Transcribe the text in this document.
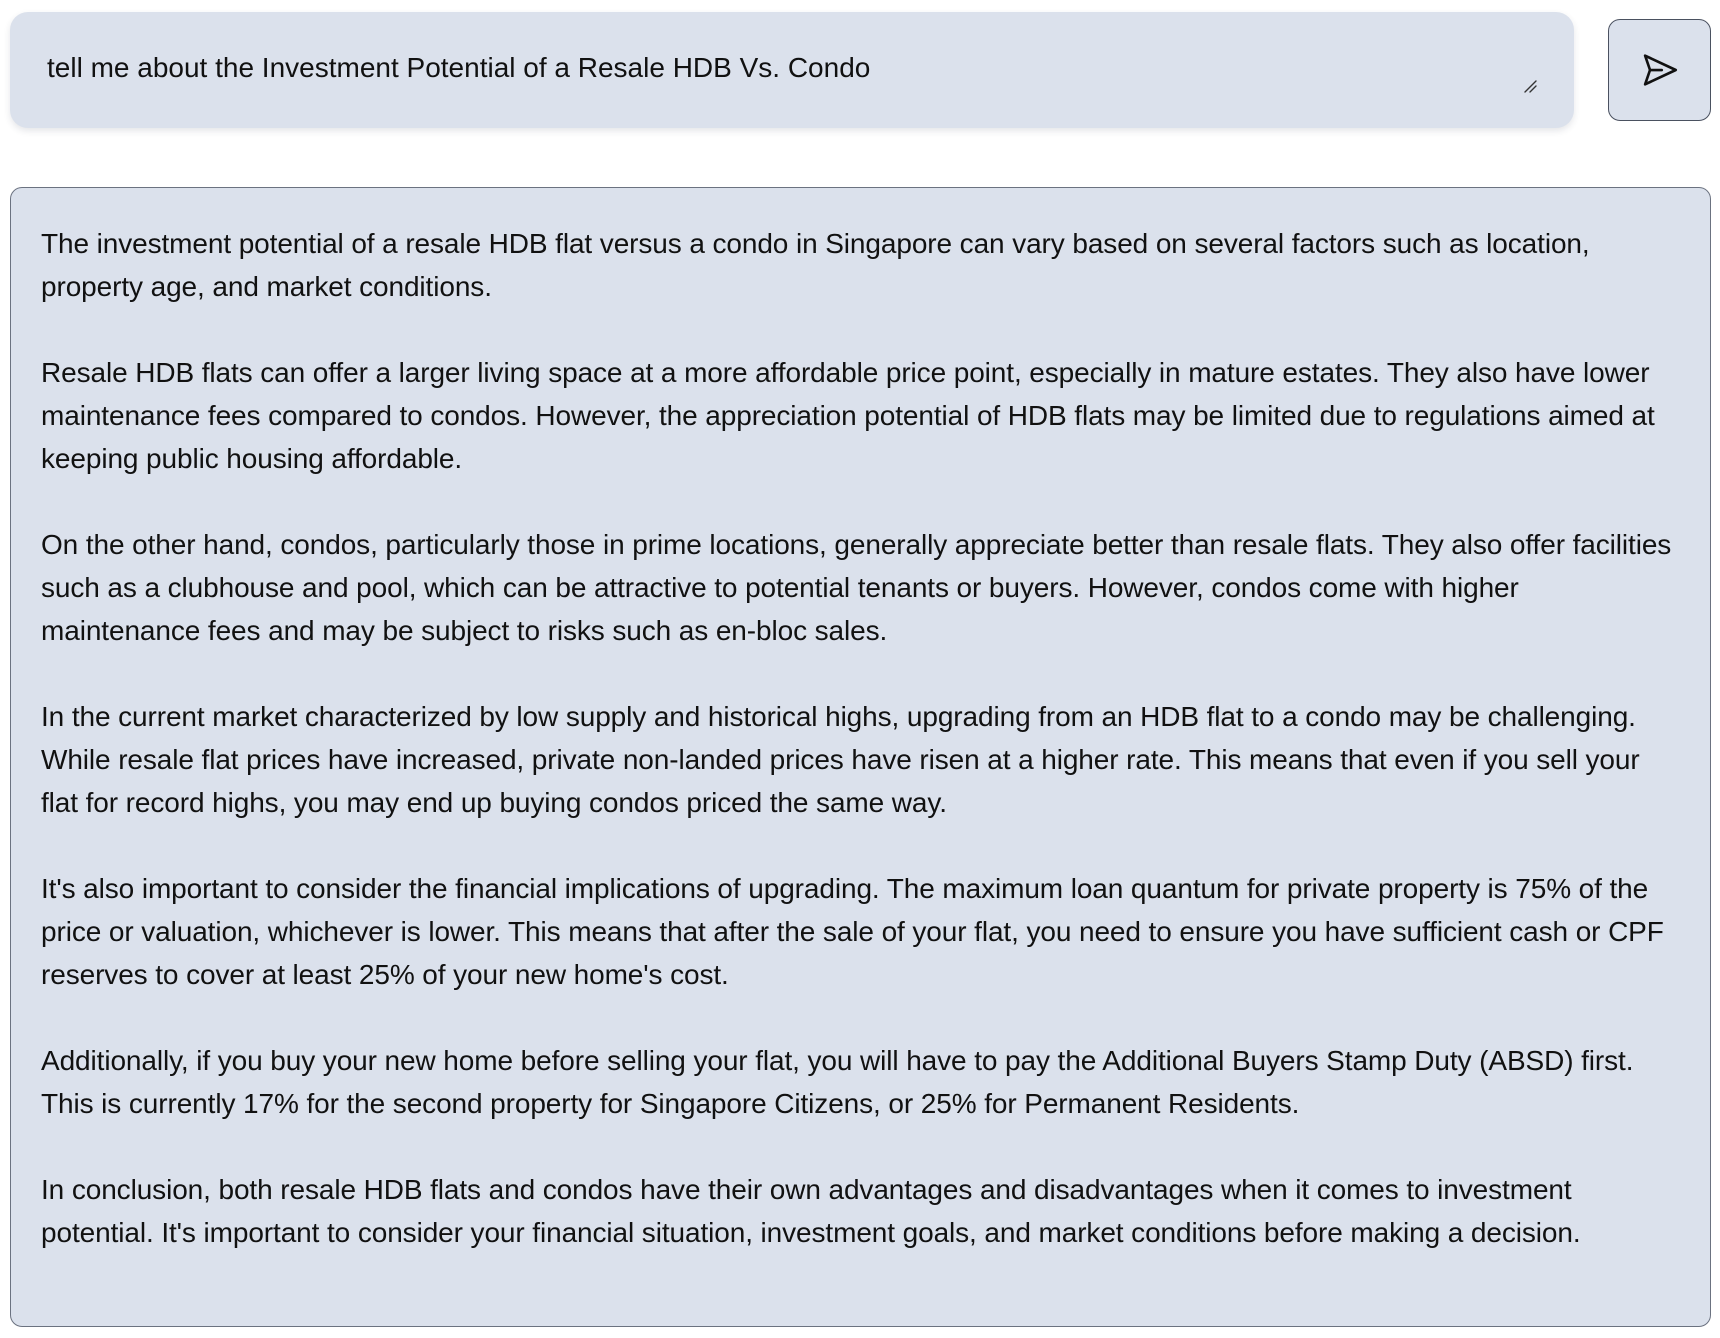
tell me about the Investment Potential of a Resale HDB Vs. Condo

The investment potential of a resale HDB flat versus a condo in Singapore can vary based on several factors such as location, property age, and market conditions.

Resale HDB flats can offer a larger living space at a more affordable price point, especially in mature estates. They also have lower maintenance fees compared to condos. However, the appreciation potential of HDB flats may be limited due to regulations aimed at keeping public housing affordable.

On the other hand, condos, particularly those in prime locations, generally appreciate better than resale flats. They also offer facilities such as a clubhouse and pool, which can be attractive to potential tenants or buyers. However, condos come with higher maintenance fees and may be subject to risks such as en-bloc sales.

In the current market characterized by low supply and historical highs, upgrading from an HDB flat to a condo may be challenging. While resale flat prices have increased, private non-landed prices have risen at a higher rate. This means that even if you sell your flat for record highs, you may end up buying condos priced the same way.

It's also important to consider the financial implications of upgrading. The maximum loan quantum for private property is 75% of the price or valuation, whichever is lower. This means that after the sale of your flat, you need to ensure you have sufficient cash or CPF reserves to cover at least 25% of your new home's cost.

Additionally, if you buy your new home before selling your flat, you will have to pay the Additional Buyers Stamp Duty (ABSD) first. This is currently 17% for the second property for Singapore Citizens, or 25% for Permanent Residents.

In conclusion, both resale HDB flats and condos have their own advantages and disadvantages when it comes to investment potential. It's important to consider your financial situation, investment goals, and market conditions before making a decision.
